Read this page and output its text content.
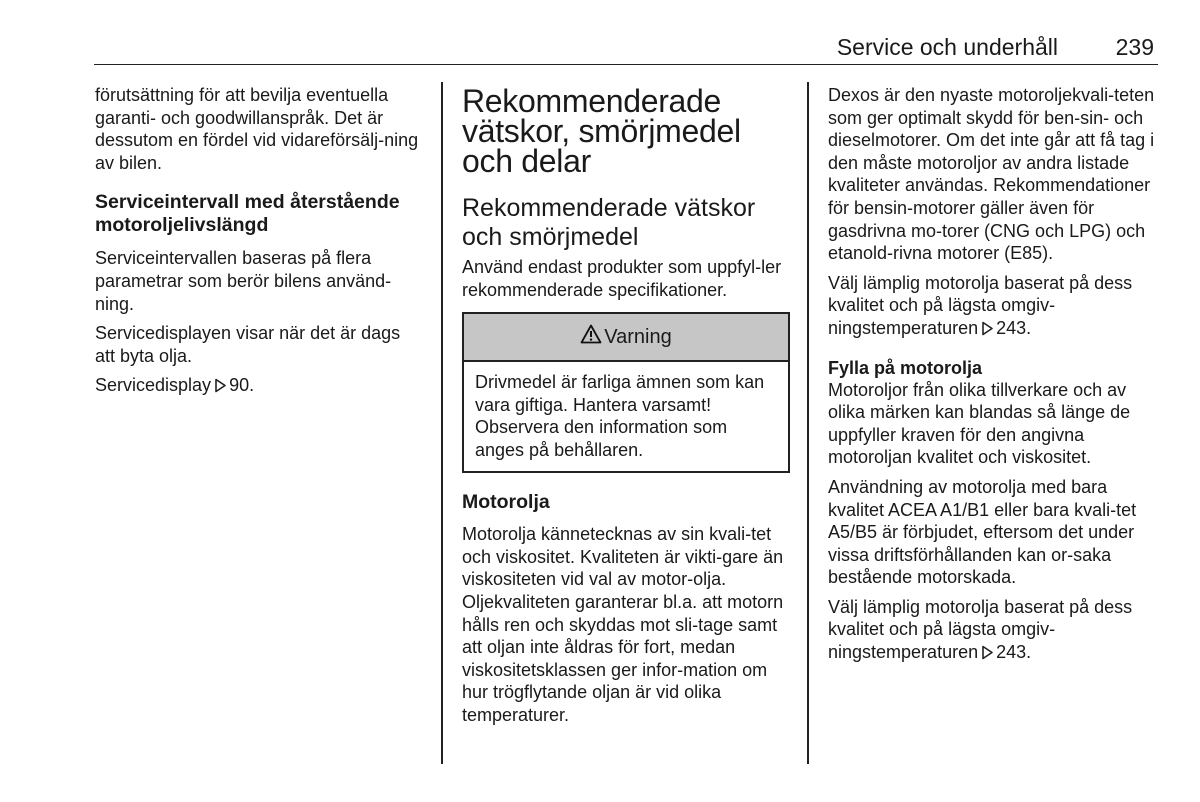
Service och underhåll	239

förutsättning för att bevilja eventuella garanti- och goodwillanspråk. Det är dessutom en fördel vid vidareförsälj-ning av bilen.

Serviceintervall med återstående motoroljelivslängd

Serviceintervallen baseras på flera parametrar som berör bilens använd-ning.

Servicedisplayen visar när det är dags att byta olja.

Servicedisplay 90.

Rekommenderade vätskor, smörjmedel och delar
Rekommenderade vätskor och smörjmedel

Använd endast produkter som uppfyl-ler rekommenderade specifikationer.

Varning
Drivmedel är farliga ämnen som kan vara giftiga. Hantera varsamt! Observera den information som anges på behållaren.
Motorolja

Motorolja kännetecknas av sin kvali-tet och viskositet. Kvaliteten är vikti-gare än viskositeten vid val av motor-olja. Oljekvaliteten garanterar bl.a. att motorn hålls ren och skyddas mot sli-tage samt att oljan inte åldras för fort, medan viskositetsklassen ger infor-mation om hur trögflytande oljan är vid olika temperaturer.

Dexos är den nyaste motoroljekvali-teten som ger optimalt skydd för ben-sin- och dieselmotorer. Om det inte går att få tag i den måste motoroljor av andra listade kvaliteter användas. Rekommendationer för bensin-motorer gäller även för gasdrivna mo-torer (CNG och LPG) och etanold-rivna motorer (E85).

Välj lämplig motorolja baserat på dess kvalitet och på lägsta omgiv-ningstemperaturen 243.

Fylla på motorolja

Motoroljor från olika tillverkare och av olika märken kan blandas så länge de uppfyller kraven för den angivna motoroljan kvalitet och viskositet.

Användning av motorolja med bara kvalitet ACEA A1/B1 eller bara kvali-tet A5/B5 är förbjudet, eftersom det under vissa driftsförhållanden kan or-saka bestående motorskada.

Välj lämplig motorolja baserat på dess kvalitet och på lägsta omgiv-ningstemperaturen 243.
